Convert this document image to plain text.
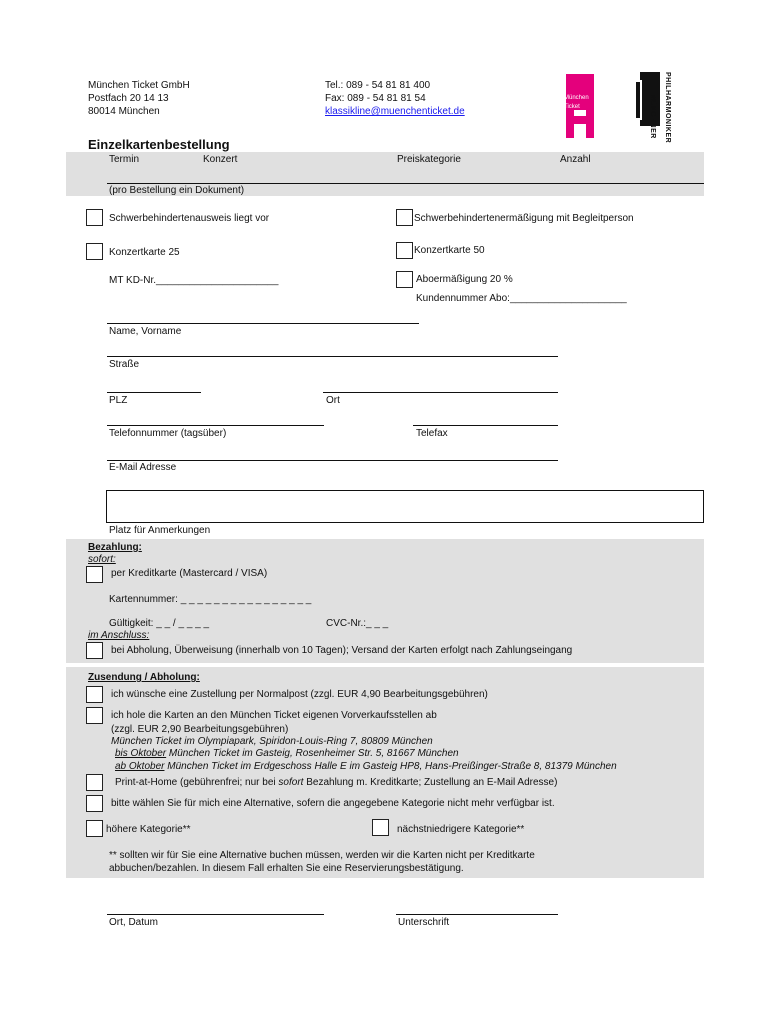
München Ticket GmbH
Postfach 20 14 13
80014 München
Tel.: 089 - 54 81 81 400
Fax: 089 - 54 81 81 54
klassikline@muenchenticket.de
München
Ticket	MÜNCHNER PHILHARMONIKER
Einzelkartenbestellung
Termin	Konzert	Preiskategorie	Anzahl
(pro Bestellung ein Dokument)
Schwerbehindertenausweis liegt vor	Schwerbehindertenermäßigung mit Begleitperson
Konzertkarte 25	Konzertkarte 50
MT KD-Nr.______________________	Aboermäßigung 20 %
Kundennummer Abo:_____________________
Name, Vorname
Straße
PLZ	Ort
Telefonnummer (tagsüber)	Telefax
E-Mail Adresse
Platz für Anmerkungen
Bezahlung:
sofort:
per Kreditkarte (Mastercard / VISA)
Kartennummer: _ _ _ _ _ _ _ _ _ _ _ _ _ _ _ _
Gültigkeit: _ _ / _ _ _ _	CVC-Nr.:_ _ _
im Anschluss:
bei Abholung, Überweisung (innerhalb von 10 Tagen); Versand der Karten erfolgt nach Zahlungseingang
Zusendung / Abholung:
ich wünsche eine Zustellung per Normalpost (zzgl. EUR 4,90 Bearbeitungsgebühren)
ich hole die Karten an den München Ticket eigenen Vorverkaufsstellen ab
(zzgl. EUR 2,90 Bearbeitungsgebühren)
München Ticket im Olympiapark, Spiridon-Louis-Ring 7, 80809 München
bis Oktober München Ticket im Gasteig, Rosenheimer Str. 5, 81667 München
ab Oktober München Ticket im Erdgeschoss Halle E im Gasteig HP8, Hans-Preißinger-Straße 8, 81379 München
Print-at-Home (gebührenfrei; nur bei sofort Bezahlung m. Kreditkarte; Zustellung an E-Mail Adresse)
bitte wählen Sie für mich eine Alternative, sofern die angegebene Kategorie nicht mehr verfügbar ist.
höhere Kategorie**	nächstniedrigere Kategorie**
** sollten wir für Sie eine Alternative buchen müssen, werden wir die Karten nicht per Kreditkarte
abbuchen/bezahlen. In diesem Fall erhalten Sie eine Reservierungsbestätigung.
Ort, Datum	Unterschrift
